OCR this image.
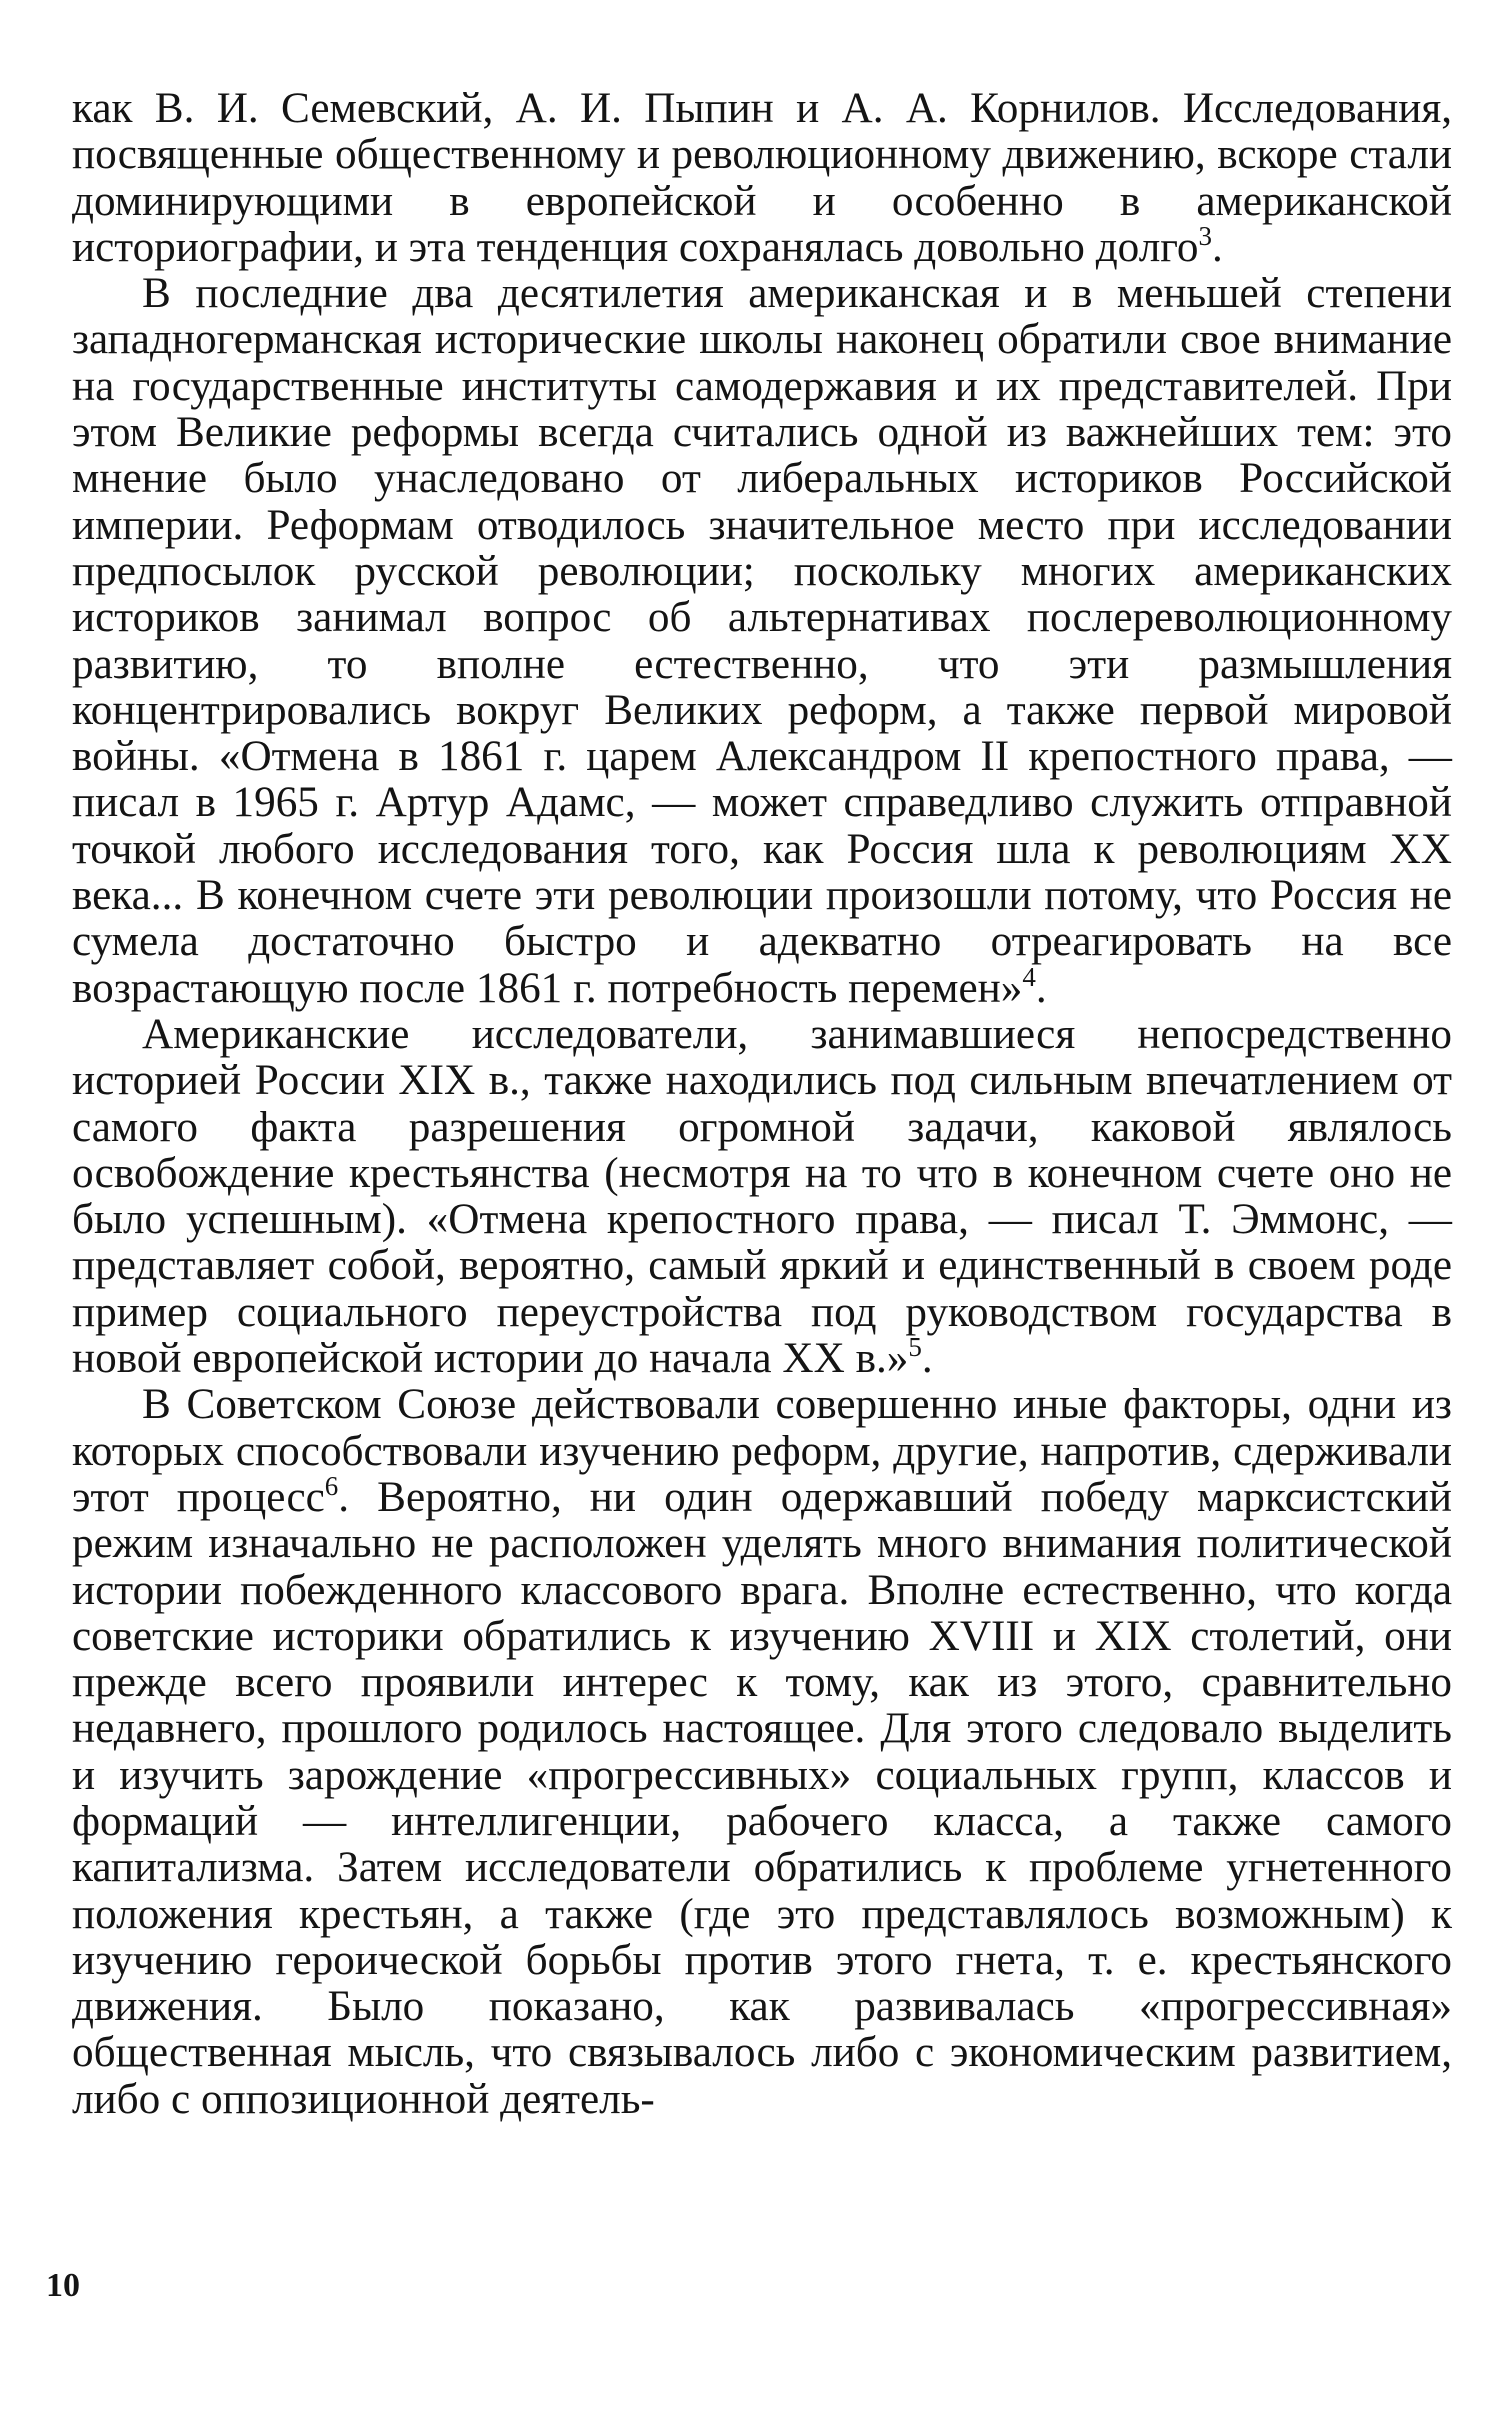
как В. И. Семевский, А. И. Пыпин и А. А. Корнилов. Исследования, посвященные общественному и революционному движению, вскоре стали доминирующими в европейской и особенно в американской историографии, и эта тенденция сохранялась довольно долго$^3$.

В последние два десятилетия американская и в меньшей степени западногерманская исторические школы наконец обратили свое внимание на государственные институты самодержавия и их представителей. При этом Великие реформы всегда считались одной из важнейших тем: это мнение было унаследовано от либеральных историков Российской империи. Реформам отводилось значительное место при исследовании предпосылок русской революции; поскольку многих американских историков занимал вопрос об альтернативах послереволюционному развитию, то вполне естественно, что эти размышления концентрировались вокруг Великих реформ, а также первой мировой войны. «Отмена в 1861 г. царем Александром II крепостного права, — писал в 1965 г. Артур Адамс, — может справедливо служить отправной точкой любого исследования того, как Россия шла к революциям XX века... В конечном счете эти революции произошли потому, что Россия не сумела достаточно быстро и адекватно отреагировать на все возрастающую после 1861 г. потребность перемен»$^4$.

Американские исследователи, занимавшиеся непосредственно историей России XIX в., также находились под сильным впечатлением от самого факта разрешения огромной задачи, каковой являлось освобождение крестьянства (несмотря на то что в конечном счете оно не было успешным). «Отмена крепостного права, — писал Т. Эммонс, — представляет собой, вероятно, самый яркий и единственный в своем роде пример социального переустройства под руководством государства в новой европейской истории до начала XX в.»$^5$.

В Советском Союзе действовали совершенно иные факторы, одни из которых способствовали изучению реформ, другие, напротив, сдерживали этот процесс$^6$. Вероятно, ни один одержавший победу марксистский режим изначально не расположен уделять много внимания политической истории побежденного классового врага. Вполне естественно, что когда советские историки обратились к изучению XVIII и XIX столетий, они прежде всего проявили интерес к тому, как из этого, сравнительно недавнего, прошлого родилось настоящее. Для этого следовало выделить и изучить зарождение «прогрессивных» социальных групп, классов и формаций — интеллигенции, рабочего класса, а также самого капитализма. Затем исследователи обратились к проблеме угнетенного положения крестьян, а также (где это представлялось возможным) к изучению героической борьбы против этого гнета, т. е. крестьянского движения. Было показано, как развивалась «прогрессивная» общественная мысль, что связывалось либо с экономическим развитием, либо с оппозиционной деятель-

10
